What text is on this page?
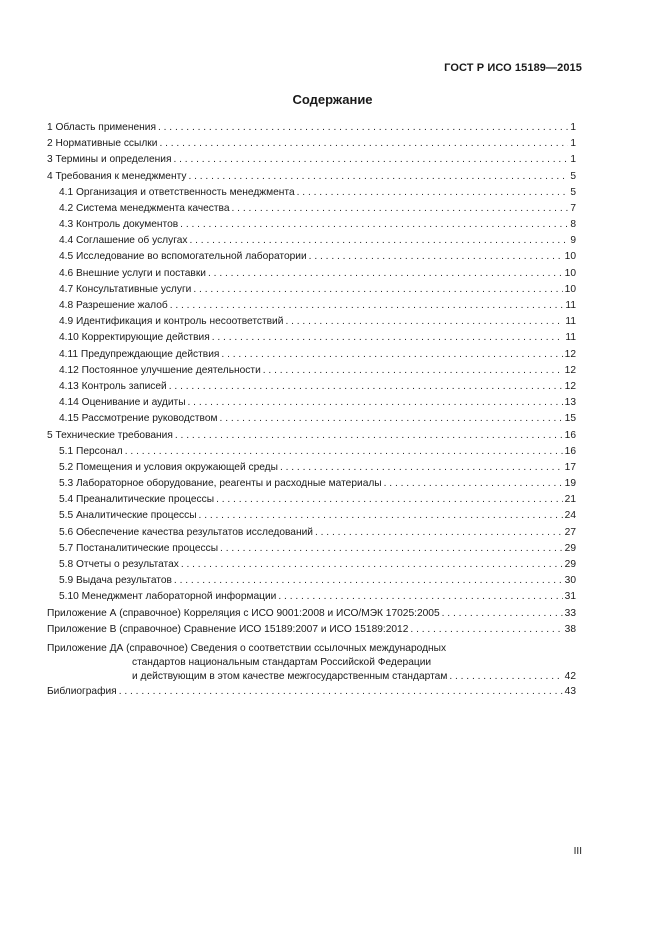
ГОСТ Р ИСО 15189—2015
Содержание
1 Область применения . . .	1
2 Нормативные ссылки . . .	1
3 Термины и определения . . .	1
4 Требования к менеджменту . . .	5
4.1 Организация и ответственность менеджмента . . .	5
4.2 Система менеджмента качества . . .	7
4.3 Контроль документов . . .	8
4.4 Соглашение об услугах . . .	9
4.5 Исследование во вспомогательной лаборатории . . .	10
4.6 Внешние услуги и поставки . . .	10
4.7 Консультативные услуги . . .	10
4.8 Разрешение жалоб . . .	11
4.9 Идентификация и контроль несоответствий . . .	11
4.10 Корректирующие действия . . .	11
4.11 Предупреждающие действия . . .	12
4.12 Постоянное улучшение деятельности . . .	12
4.13 Контроль записей . . .	12
4.14 Оценивание и аудиты . . .	13
4.15 Рассмотрение руководством . . .	15
5 Технические требования . . .	16
5.1 Персонал . . .	16
5.2 Помещения и условия окружающей среды . . .	17
5.3 Лабораторное оборудование, реагенты и расходные материалы . . .	19
5.4 Преаналитические процессы . . .	21
5.5 Аналитические процессы . . .	24
5.6 Обеспечение качества результатов исследований . . .	27
5.7 Постаналитические процессы . . .	29
5.8 Отчеты о результатах . . .	29
5.9 Выдача результатов . . .	30
5.10 Менеджмент лабораторной информации . . .	31
Приложение А (справочное) Корреляция с ИСО 9001:2008 и ИСО/МЭК 17025:2005 . . .	33
Приложение В (справочное) Сравнение ИСО 15189:2007 и ИСО 15189:2012 . . .	38
Приложение ДА (справочное) Сведения о соответствии ссылочных международных
стандартов национальным стандартам Российской Федерации
и действующим в этом качестве межгосударственным стандартам . . .	42
Библиография . . .	43
III
